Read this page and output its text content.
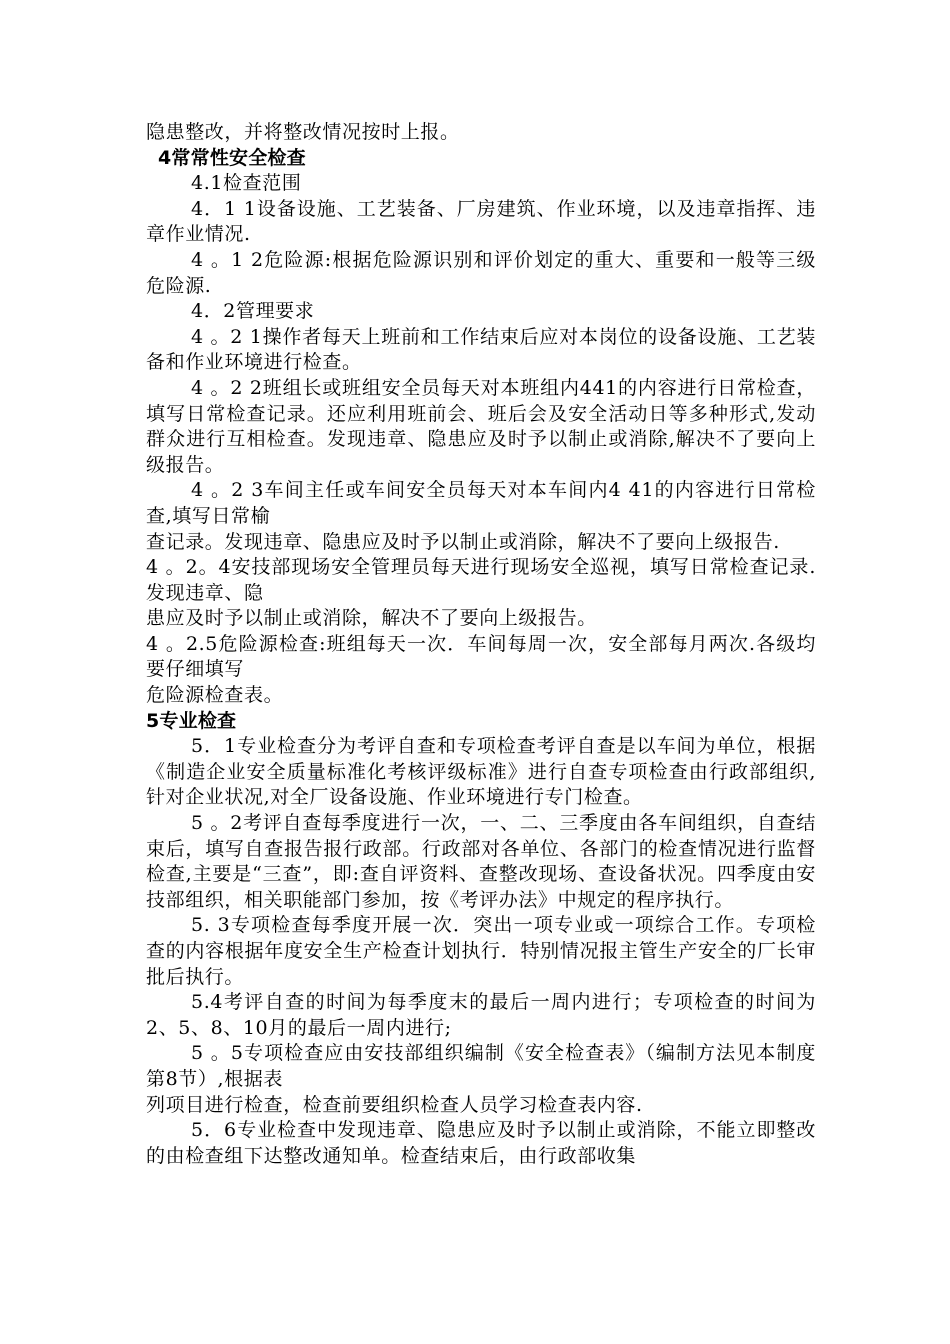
隐患整改，并将整改情况按时上报。

4常常性安全检查

4.1检查范围

4．1 1设备设施、工艺装备、厂房建筑、作业环境，以及违章指挥、违章作业情况.

4 。1 2危险源:根据危险源识别和评价划定的重大、重要和一般等三级危险源.

4．2管理要求

4 。2 1操作者每天上班前和工作结束后应对本岗位的设备设施、工艺装备和作业环境进行检查。

4 。2 2班组长或班组安全员每天对本班组内441的内容进行日常检查，填写日常检查记录。还应利用班前会、班后会及安全活动日等多种形式,发动群众进行互相检查。发现违章、隐患应及时予以制止或消除,解决不了要向上级报告。

4 。2 3车间主任或车间安全员每天对本车间内4 41的内容进行日常检查,填写日常榆

查记录。发现违章、隐患应及时予以制止或消除，解决不了要向上级报告.

4 。2。4安技部现场安全管理员每天进行现场安全巡视，填写日常检查记录.发现违章、隐

患应及时予以制止或消除，解决不了要向上级报告。

4 。2.5危险源检查:班组每天一次．车间每周一次，安全部每月两次.各级均要仔细填写

危险源检查表。

5专业检查

5．1专业检查分为考评自查和专项检查考评自查是以车间为单位，根据《制造企业安全质量标准化考核评级标准》进行自查专项检查由行政部组织,针对企业状况,对全厂设备设施、作业环境进行专门检查。

5 。2考评自查每季度进行一次，一、二、三季度由各车间组织，自查结束后，填写自查报告报行政部。行政部对各单位、各部门的检查情况进行监督检查,主要是“三查”，即:查自评资料、查整改现场、查设备状况。四季度由安技部组织，相关职能部门参加，按《考评办法》中规定的程序执行。

5. 3专项检查每季度开展一次．突出一项专业或一项综合工作。专项检查的内容根据年度安全生产检查计划执行．特别情况报主管生产安全的厂长审批后执行。

5.4考评自查的时间为每季度末的最后一周内进行；专项检查的时间为2、5、8、10月的最后一周内进行;

5 。5专项检查应由安技部组织编制《安全检查表》（编制方法见本制度第8节）,根据表

列项目进行检查，检查前要组织检查人员学习检查表内容.

5．6专业检查中发现违章、隐患应及时予以制止或消除，不能立即整改的由检查组下达整改通知单。检查结束后，由行政部收集
